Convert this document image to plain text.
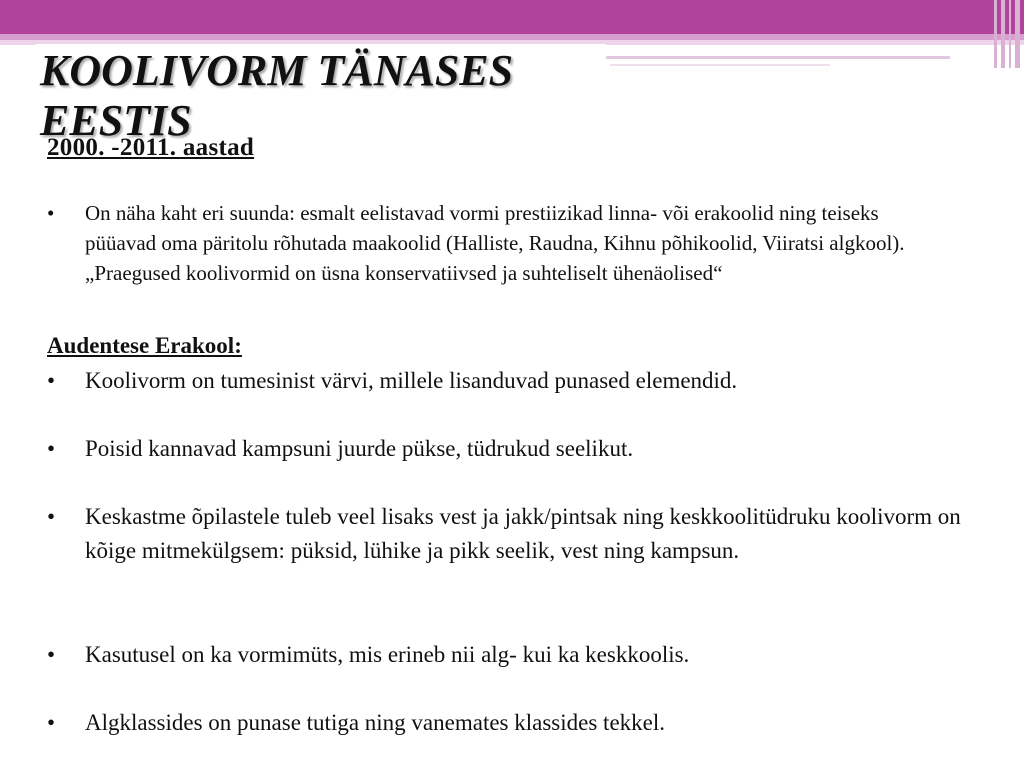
KOOLIVORM TÄNASES EESTIS
2000. -2011. aastad
•	On näha kaht eri suunda: esmalt eelistavad vormi prestiizikad linna- või erakoolid ning teiseks püüavad oma päritolu rõhutada maakoolid (Halliste, Raudna, Kihnu põhikoolid, Viiratsi algkool). „Praegused koolivormid on üsna konservatiivsed ja suhteliselt ühenäolised“
Audentese Erakool:
•	Koolivorm on tumesinist värvi, millele lisanduvad punased elemendid.
•	Poisid kannavad kampsuni juurde pükse, tüdrukud seelikut.
•	Keskastme õpilastele tuleb veel lisaks vest ja jakk/pintsak ning keskkoolitüdruku koolivorm on kõige mitmekülgsem: püksid, lühike ja pikk seelik, vest ning kampsun.
•	Kasutusel on ka vormimüts, mis erineb nii alg- kui ka keskkoolis.
•	Algklassides on punase tutiga ning vanemates klassides tekkel.
